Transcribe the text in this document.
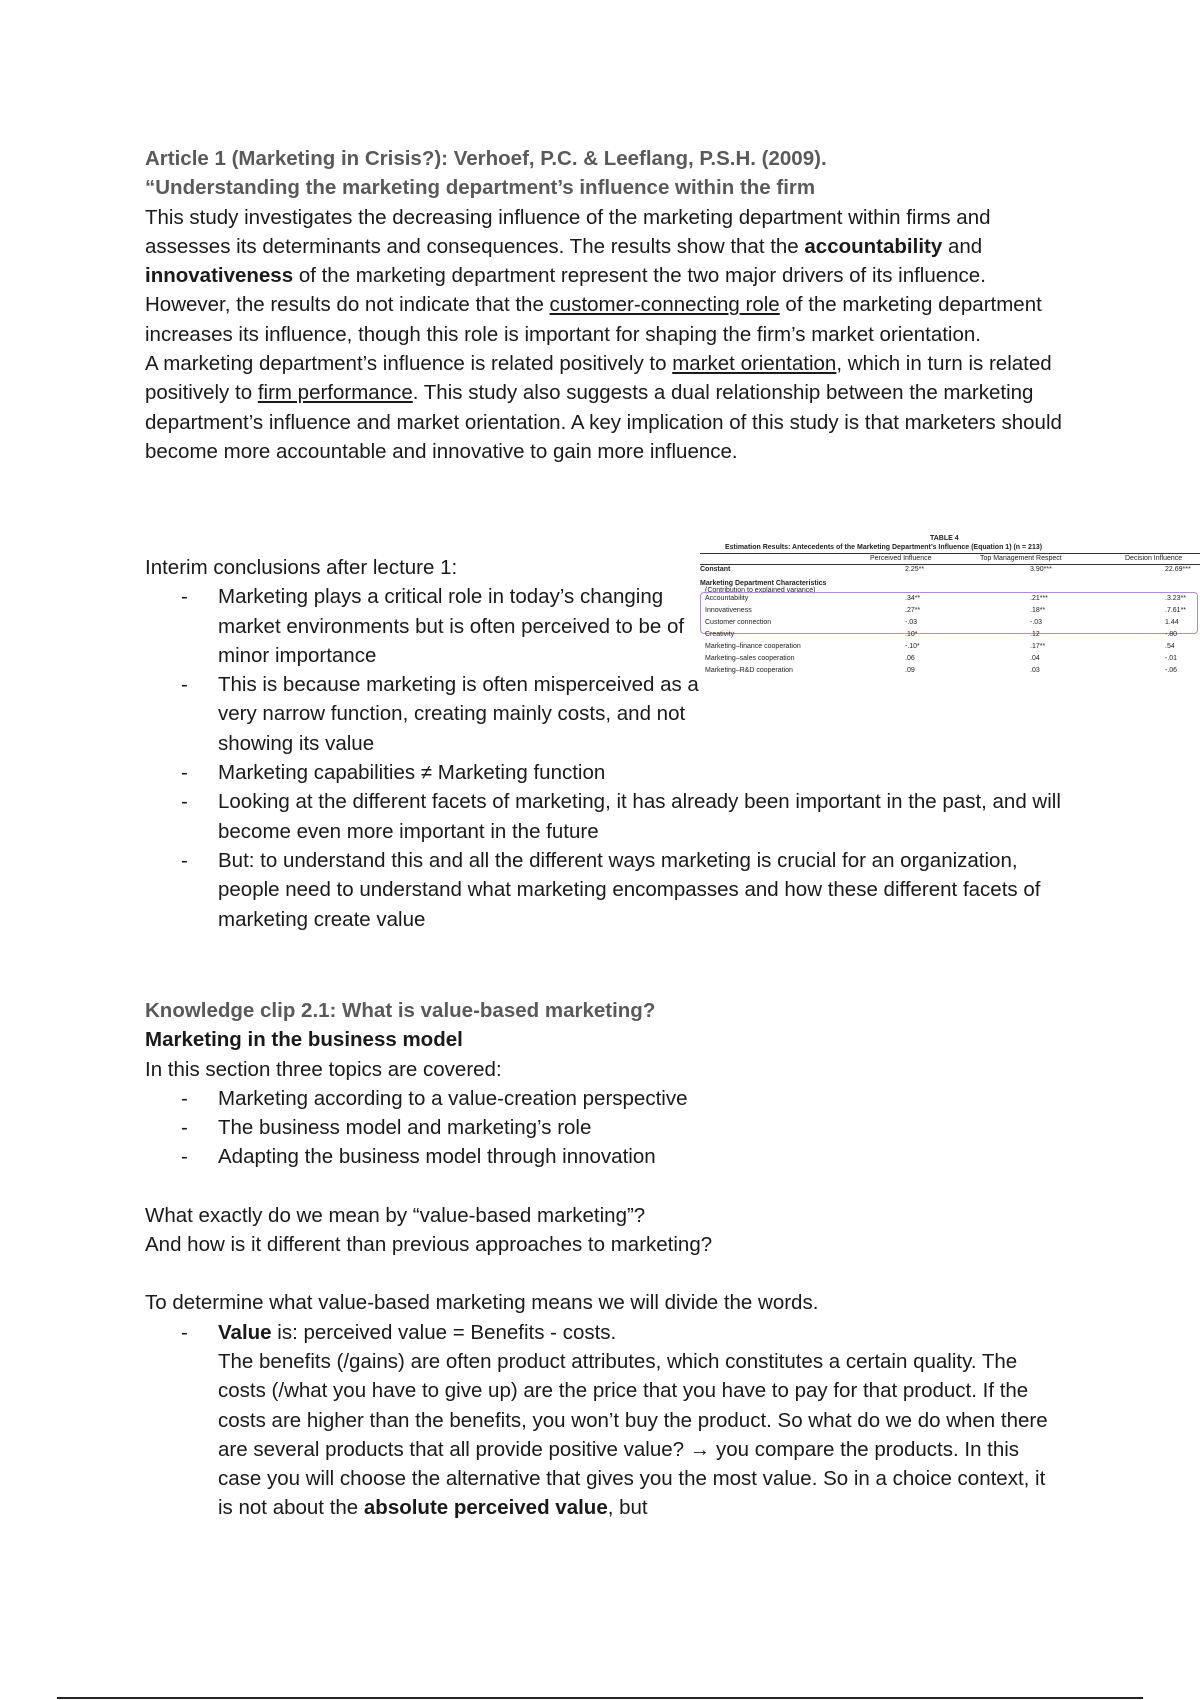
Article 1 (Marketing in Crisis?): Verhoef, P.C. & Leeflang, P.S.H. (2009).

“Understanding the marketing department’s influence within the firm

This study investigates the decreasing influence of the marketing department within firms and assesses its determinants and consequences. The results show that the accountability and innovativeness of the marketing department represent the two major drivers of its influence. However, the results do not indicate that the customer-connecting role of the marketing department increases its influence, though this role is important for shaping the firm’s market orientation.

A marketing department’s influence is related positively to market orientation, which in turn is related positively to firm performance. This study also suggests a dual relationship between the marketing department’s influence and market orientation. A key implication of this study is that marketers should become more accountable and innovative to gain more influence.

Interim conclusions after lecture 1:

- Marketing plays a critical role in today’s changing market environments but is often perceived to be of minor importance
- This is because marketing is often misperceived as a very narrow function, creating mainly costs, and not showing its value
- Marketing capabilities ≠ Marketing function
- Looking at the different facets of marketing, it has already been important in the past, and will become even more important in the future
- But: to understand this and all the different ways marketing is crucial for an organization, people need to understand what marketing encompasses and how these different facets of marketing create value
TABLE 4
Estimation Results: Antecedents of the Marketing Department’s Influence (Equation 1) (n = 213)
Perceived Influence	Top Management Respect	Decision Influence
Constant	2.25**	3.90***	22.69***
Marketing Department Characteristics
(Contribution to explained variance)
Accountability	.34**	.21***	.3.23**
Innovativeness	.27**	.18**	.7.61**
Customer connection	-.03	-.03	1.44
Creativity	.10*	.12	-.80
Marketing–finance cooperation	-.10*	.17**	.54
Marketing–sales cooperation	.06	.04	-.01
Marketing–R&D cooperation	.09	.03	-.06

Knowledge clip 2.1: What is value-based marketing?

Marketing in the business model

In this section three topics are covered:

- Marketing according to a value-creation perspective
- The business model and marketing’s role
- Adapting the business model through innovation

What exactly do we mean by “value-based marketing”?

And how is it different than previous approaches to marketing?

To determine what value-based marketing means we will divide the words.

- Value is: perceived value = Benefits - costs.

The benefits (/gains) are often product attributes, which constitutes a certain quality. The costs (/what you have to give up) are the price that you have to pay for that product. If the costs are higher than the benefits, you won’t buy the product. So what do we do when there are several products that all provide positive value? → you compare the products. In this case you will choose the alternative that gives you the most value. So in a choice context, it is not about the absolute perceived value, but
